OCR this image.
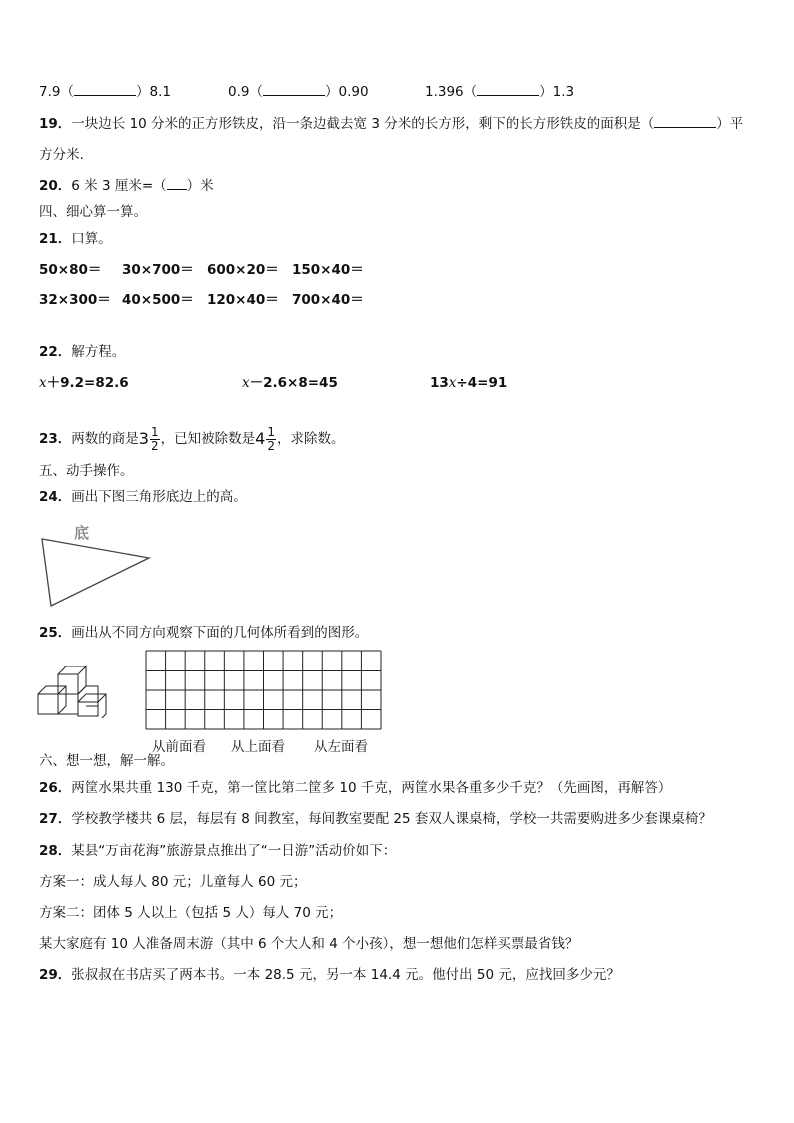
7.9（	）8.1	0.9（	）0.90	1.396（	）1.3
19．一块边长 10 分米的正方形铁皮，沿一条边截去宽 3 分米的长方形，剩下的长方形铁皮的面积是（	）平
方分米.
20．6 米 3 厘米=（ ）米
四、细心算一算。
21．口算。
50×80＝ 30×700＝ 600×20＝ 150×40＝
32×300＝ 40×500＝ 120×40＝ 700×40＝
22．解方程。
x＋9.2=82.6	x－2.6×8=45	13x÷4=91
23．两数的商是$3 \frac{1}{2}$ ，已知被除数是$4 \frac{1}{2}$ ，求除数。
五、动手操作。
24．画出下图三角形底边上的高。
底
25．画出从不同方向观察下面的几何体所看到的图形。
从前面看 从上面看 从左面看
六、想一想，解一解。
26．两筐水果共重 130 千克，第一筐比第二筐多 10 千克，两筐水果各重多少千克？（先画图，再解答）
27．学校教学楼共 6 层，每层有 8 间教室，每间教室要配 25 套双人课桌椅，学校一共需要购进多少套课桌椅？
28．某县“万亩花海”旅游景点推出了“一日游”活动价如下：
方案一：成人每人 80 元；儿童每人 60 元；
方案二：团体 5 人以上（包括 5 人）每人 70 元；
某大家庭有 10 人准备周末游（其中 6 个大人和 4 个小孩），想一想他们怎样买票最省钱？
29．张叔叔在书店买了两本书。一本 28.5 元，另一本 14.4 元。他付出 50 元，应找回多少元？
